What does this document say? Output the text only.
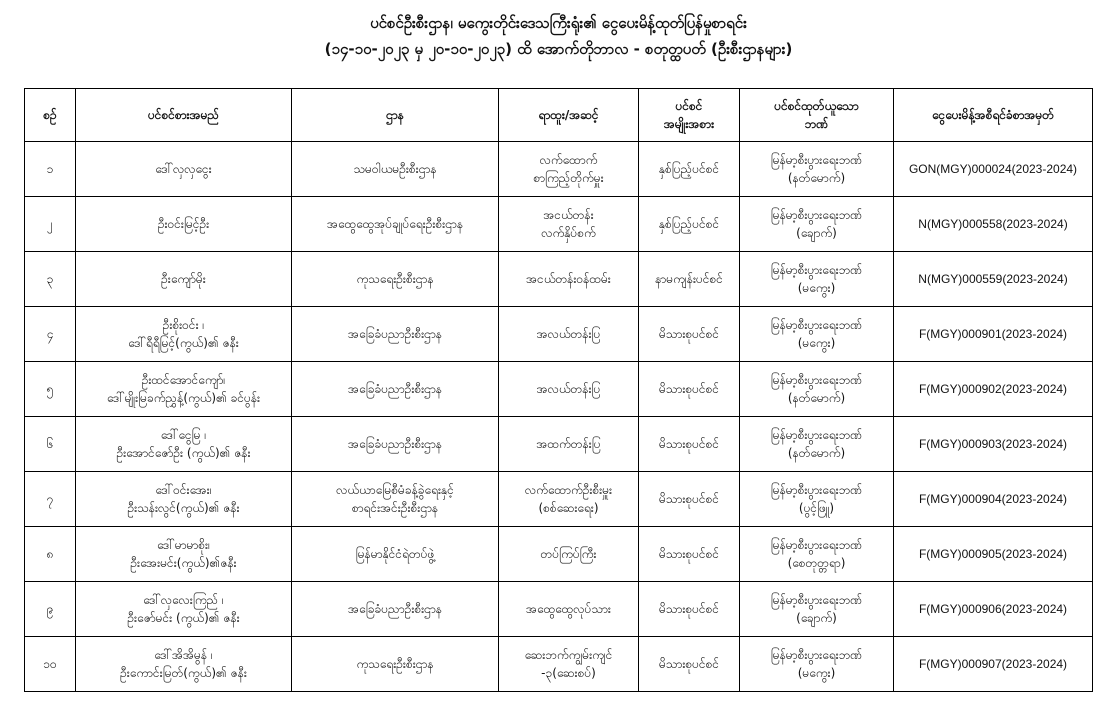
ပင်စင်ဦးစီးဌာန၊ မကွေးတိုင်းဒေသကြီးရုံး၏ ငွေပေးမိန့်ထုတ်ပြန်မှုစာရင်း
(၁၄-၁၀-၂၀၂၃ မှ ၂၀-၁၀-၂၀၂၃) ထိ အောက်တိုဘာလ - စတုတ္ထပတ် (ဦးစီးဌာနများ)
စဉ်	ပင်စင်စားအမည်	ဌာန	ရာထူး/အဆင့်	ပင်စင်
အမျိုးအစား	ပင်စင်ထုတ်ယူသော
ဘဏ်	ငွေပေးမိန့်အစီရင်ခံစာအမှတ်

၁	ဒေါ်လှလှငွေး	သမဝါယမဦးစီးဌာန	လက်ထောက်
စာကြည့်တိုက်မှူး	နှစ်ပြည့်ပင်စင်	မြန်မာ့စီးပွားရေးဘဏ်
(နတ်မောက်)	GON(MGY)000024(2023-2024)

၂	ဦးဝင်းမြင့်ဦး	အထွေထွေအုပ်ချုပ်ရေးဦးစီးဌာန	အငယ်တန်း
လက်နှိပ်စက်	နှစ်ပြည့်ပင်စင်	မြန်မာ့စီးပွားရေးဘဏ်
(ချောက်)	N(MGY)000558(2023-2024)

၃	ဦးကျော်မိုး	ကုသရေးဦးစီးဌာန	အငယ်တန်းဝန်ထမ်း	နာမကျန်းပင်စင်	မြန်မာ့စီးပွားရေးဘဏ်
(မကွေး)	N(MGY)000559(2023-2024)

၄	ဦးစိုးဝင်း ၊
ဒေါ်ရီရီမြင့်(ကွယ်)၏ ဇနီး	အခြေခံပညာဦးစီးဌာန	အလယ်တန်းပြ	မိသားစုပင်စင်	မြန်မာ့စီးပွားရေးဘဏ်
(မကွေး)	F(MGY)000901(2023-2024)

၅	ဦးထင်အောင်ကျော်၊
ဒေါ်မျိုးမြခက်ညွှန့်(ကွယ်)၏ ခင်ပွန်း	အခြေခံပညာဦးစီးဌာန	အလယ်တန်းပြ	မိသားစုပင်စင်	မြန်မာ့စီးပွားရေးဘဏ်
(နတ်မောက်)	F(MGY)000902(2023-2024)

၆	ဒေါ်ငွေမြ ၊
ဦးအောင်ဇော်ဦး (ကွယ်)၏ ဇနီး	အခြေခံပညာဦးစီးဌာန	အထက်တန်းပြ	မိသားစုပင်စင်	မြန်မာ့စီးပွားရေးဘဏ်
(နတ်မောက်)	F(MGY)000903(2023-2024)

၇	ဒေါ်ဝင်းအေး၊
ဦးသန်းလွင်(ကွယ်)၏ ဇနီး	လယ်ယာမြေစီမံခန့်ခွဲရေးနှင့်
စာရင်းအင်းဦးစီးဌာန	လက်ထောက်ဦးစီးမှူး
(စစ်ဆေးရေး)	မိသားစုပင်စင်	မြန်မာ့စီးပွားရေးဘဏ်
(ပွင့်ဖြူ)	F(MGY)000904(2023-2024)

၈	ဒေါ်မာမာစိုး၊
ဦးအေးမင်း(ကွယ်)၏ဇနီး	မြန်မာနိုင်ငံရဲတပ်ဖွဲ့	တပ်ကြပ်ကြီး	မိသားစုပင်စင်	မြန်မာ့စီးပွားရေးဘဏ်
(စေတုတ္တရာ)	F(MGY)000905(2023-2024)

၉	ဒေါ်လှလေးကြည် ၊
ဦးဇော်မင်း (ကွယ်)၏ ဇနီး	အခြေခံပညာဦးစီးဌာန	အထွေထွေလုပ်သား	မိသားစုပင်စင်	မြန်မာ့စီးပွားရေးဘဏ်
(ချောက်)	F(MGY)000906(2023-2024)

၁၀	ဒေါ်အိအိမွန် ၊
ဦးကောင်းမြတ်(ကွယ်)၏ ဇနီး	ကုသရေးဦးစီးဌာန	ဆေးဘက်ကျွမ်းကျင်
-၃(ဆေးစပ်)	မိသားစုပင်စင်	မြန်မာ့စီးပွားရေးဘဏ်
(မကွေး)	F(MGY)000907(2023-2024)
